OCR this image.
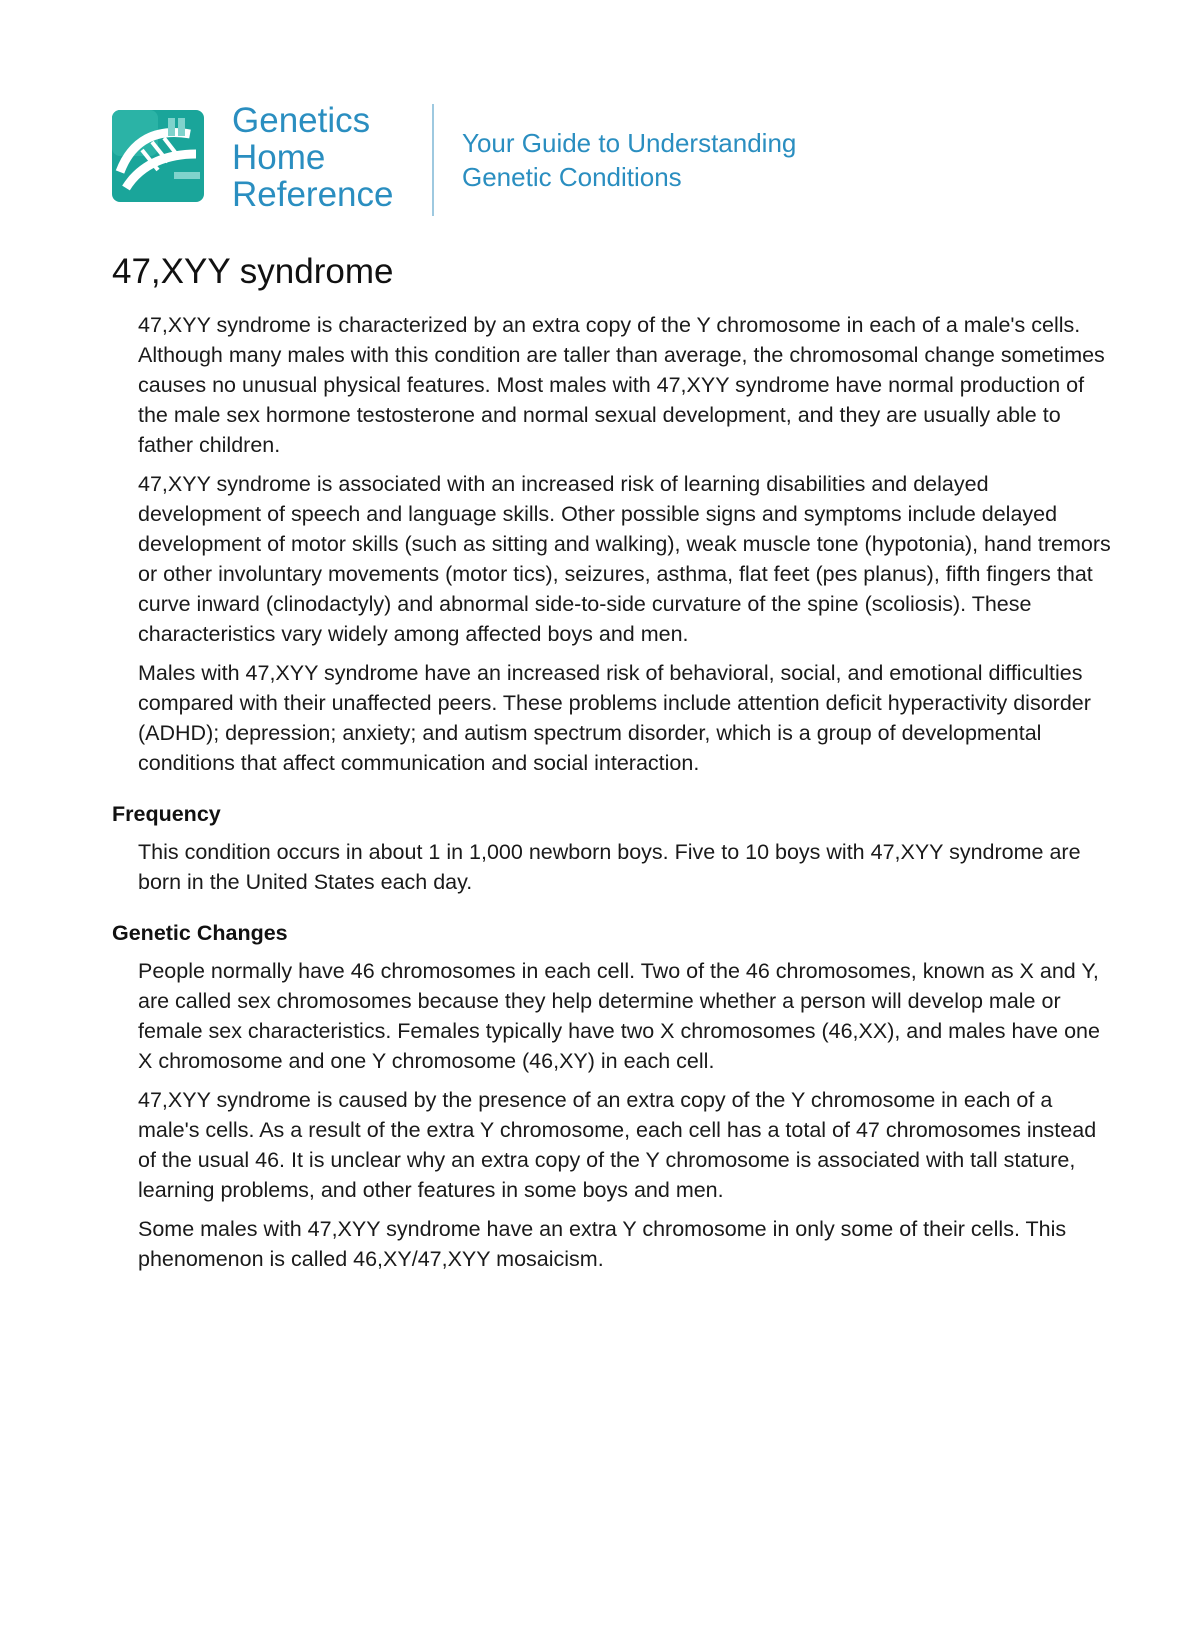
Genetics
Home
Reference
Your Guide to Understanding
Genetic Conditions
47,XYY syndrome

47,XYY syndrome is characterized by an extra copy of the Y chromosome in each of a male's cells. Although many males with this condition are taller than average, the chromosomal change sometimes causes no unusual physical features. Most males with 47,XYY syndrome have normal production of the male sex hormone testosterone and normal sexual development, and they are usually able to father children.

47,XYY syndrome is associated with an increased risk of learning disabilities and delayed development of speech and language skills. Other possible signs and symptoms include delayed development of motor skills (such as sitting and walking), weak muscle tone (hypotonia), hand tremors or other involuntary movements (motor tics), seizures, asthma, flat feet (pes planus), fifth fingers that curve inward (clinodactyly) and abnormal side-to-side curvature of the spine (scoliosis). These characteristics vary widely among affected boys and men.

Males with 47,XYY syndrome have an increased risk of behavioral, social, and emotional difficulties compared with their unaffected peers. These problems include attention deficit hyperactivity disorder (ADHD); depression; anxiety; and autism spectrum disorder, which is a group of developmental conditions that affect communication and social interaction.

Frequency

This condition occurs in about 1 in 1,000 newborn boys. Five to 10 boys with 47,XYY syndrome are born in the United States each day.

Genetic Changes

People normally have 46 chromosomes in each cell. Two of the 46 chromosomes, known as X and Y, are called sex chromosomes because they help determine whether a person will develop male or female sex characteristics. Females typically have two X chromosomes (46,XX), and males have one X chromosome and one Y chromosome (46,XY) in each cell.

47,XYY syndrome is caused by the presence of an extra copy of the Y chromosome in each of a male's cells. As a result of the extra Y chromosome, each cell has a total of 47 chromosomes instead of the usual 46. It is unclear why an extra copy of the Y chromosome is associated with tall stature, learning problems, and other features in some boys and men.

Some males with 47,XYY syndrome have an extra Y chromosome in only some of their cells. This phenomenon is called 46,XY/47,XYY mosaicism.
